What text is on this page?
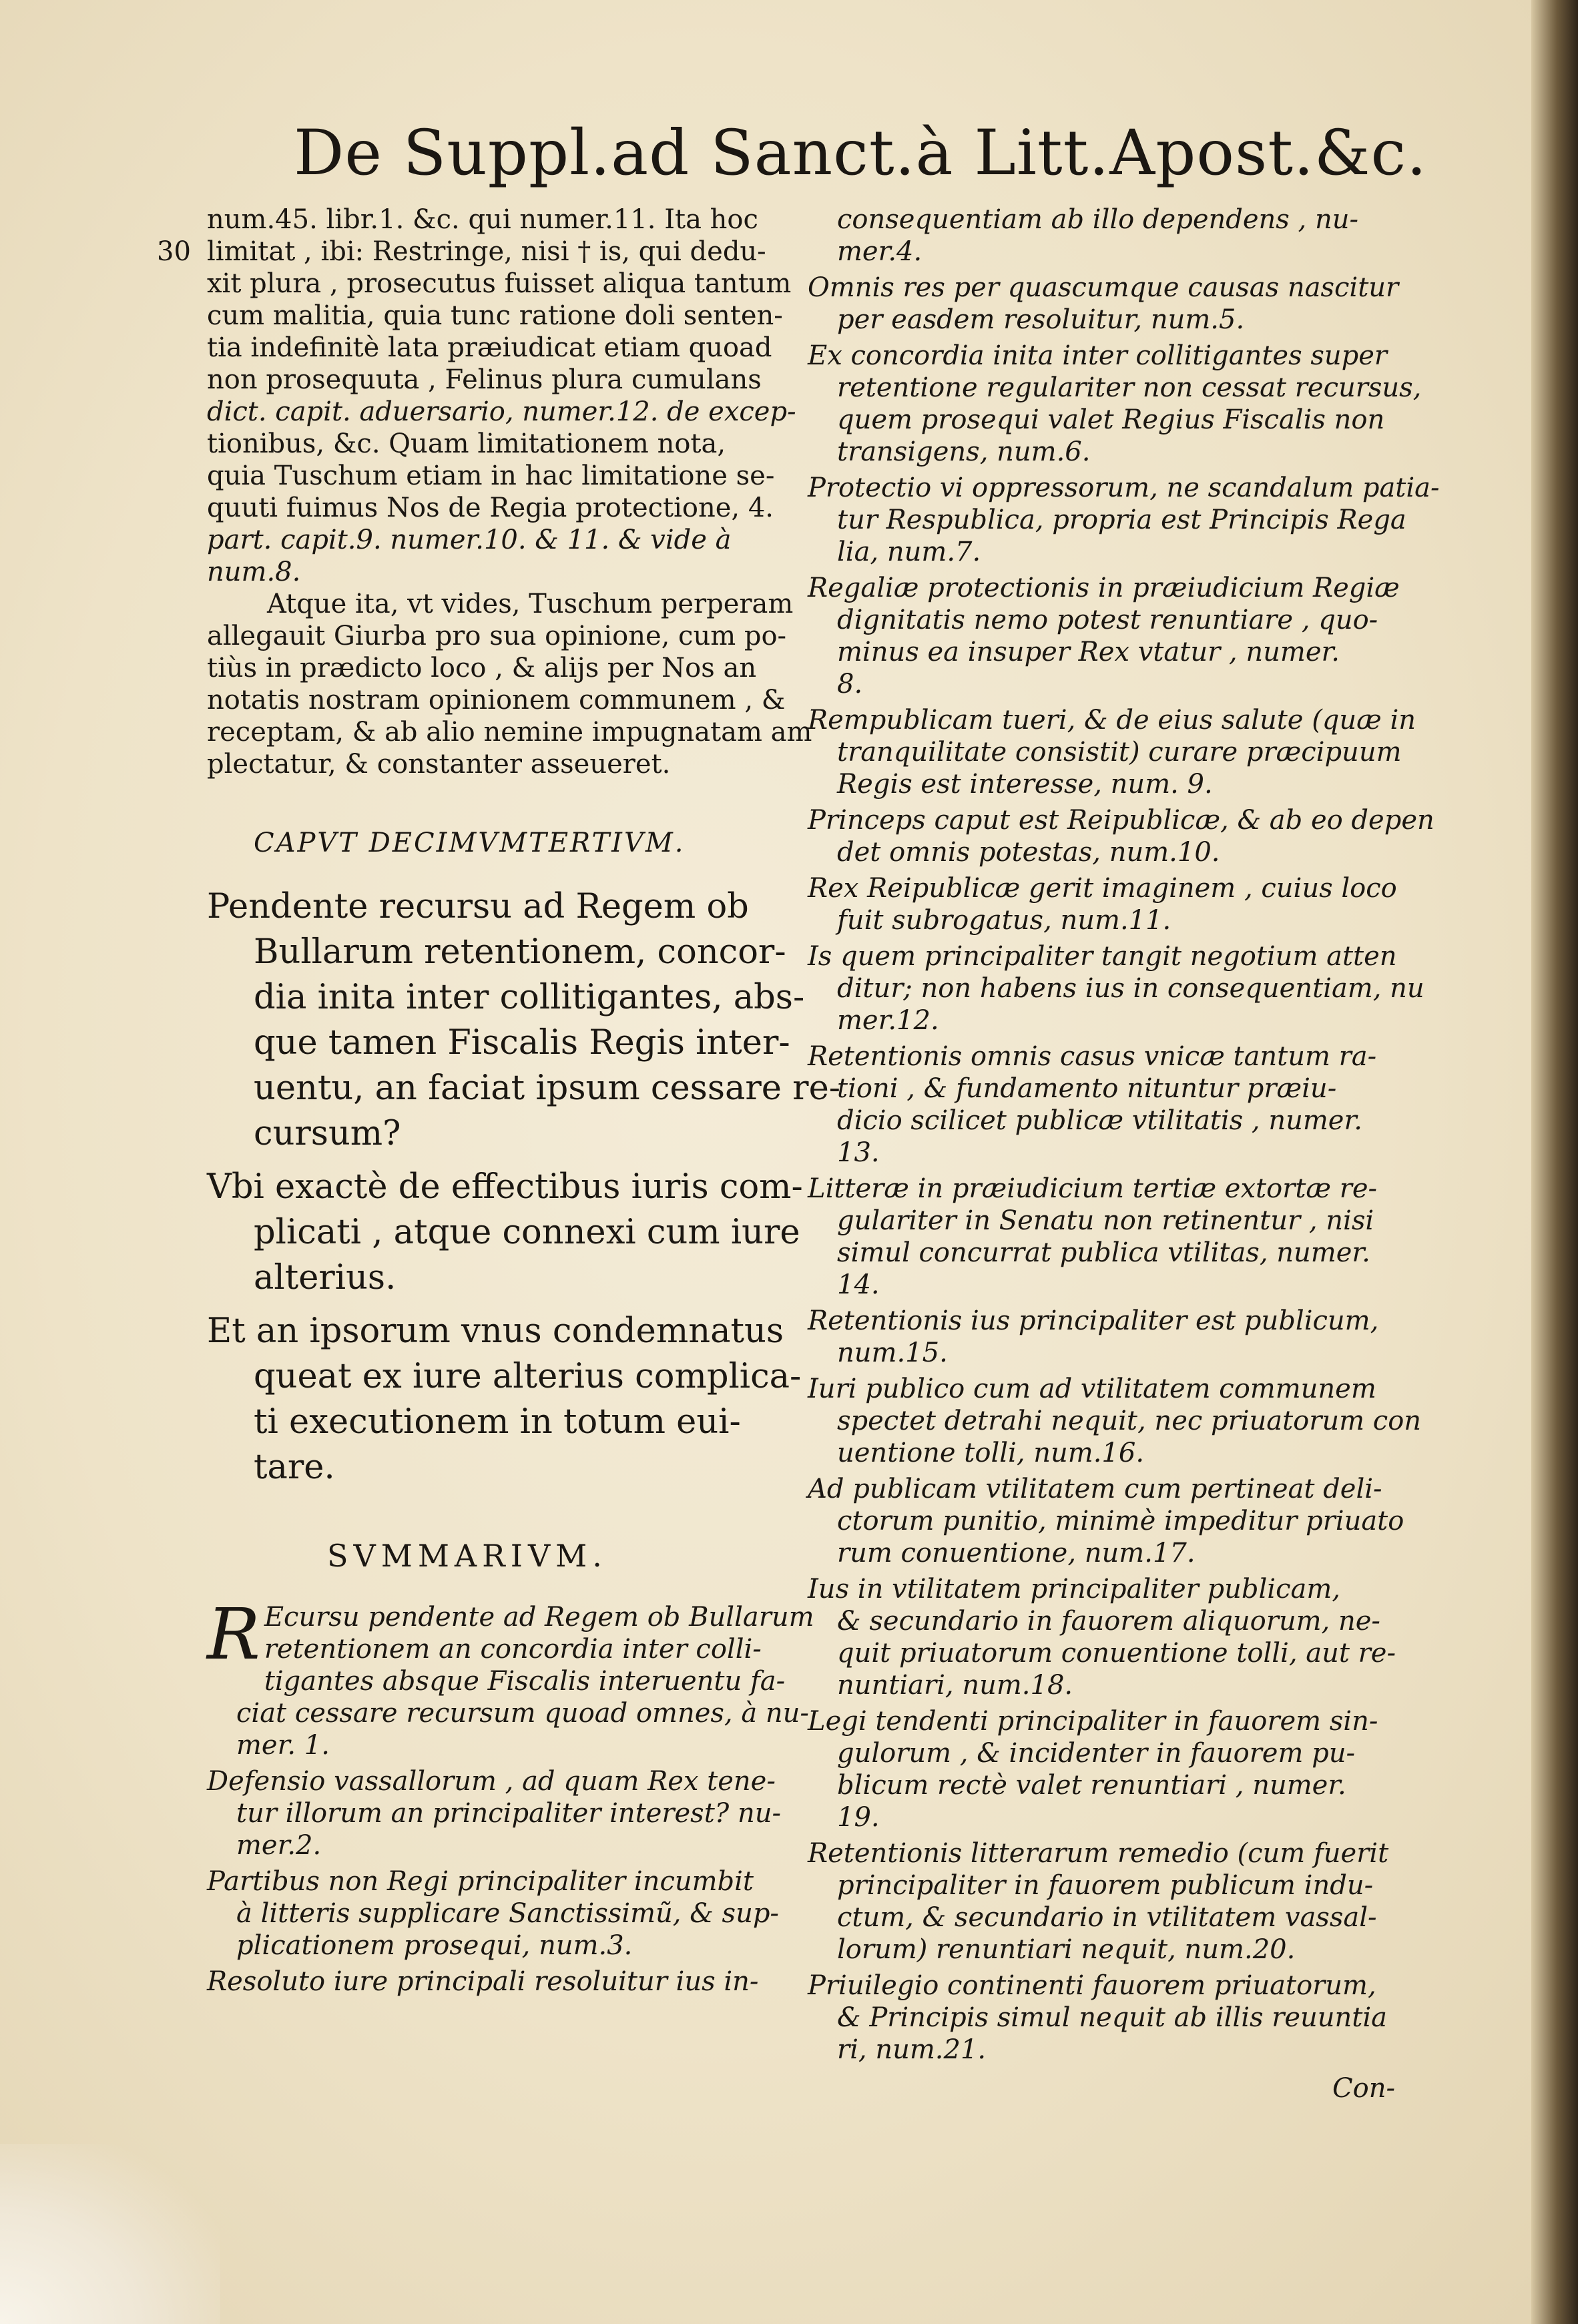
De Suppl.ad Sanct.à Litt.Apost.&c.
30
num.45. libr.1. &c. qui numer.11. Ita hoc
limitat , ibi: Restringe, nisi † is, qui dedu-
xit plura , prosecutus fuisset aliqua tantum
cum malitia, quia tunc ratione doli senten-
tia indefinitè lata præiudicat etiam quoad
non prosequuta , Felinus plura cumulans
dict. capit. aduersario, numer.12. de excep-
tionibus, &c. Quam limitationem nota,
quia Tuschum etiam in hac limitatione se-
quuti fuimus Nos de Regia protectione, 4.
part. capit.9. numer.10. & 11. & vide à
num.8.
Atque ita, vt vides, Tuschum perperam
allegauit Giurba pro sua opinione, cum po-
tiùs in prædicto loco , & alijs per Nos an
notatis nostram opinionem communem , &
receptam, & ab alio nemine impugnatam am
plectatur, & constanter asseueret.
CAPVT DECIMVMTERTIVM.
Pendente recursu ad Regem ob
Bullarum retentionem, concor-
dia inita inter collitigantes, abs-
que tamen Fiscalis Regis inter-
uentu, an faciat ipsum cessare re-
cursum?
Vbi exactè de effectibus iuris com-
plicati , atque connexi cum iure
alterius.
Et an ipsorum vnus condemnatus
queat ex iure alterius complica-
ti executionem in totum eui-
tare.
SVMMARIVM.
R Ecursu pendente ad Regem ob Bullarum
retentionem an concordia inter colli-
tigantes absque Fiscalis interuentu fa-
ciat cessare recursum quoad omnes, à nu-
mer. 1.
Defensio vassallorum , ad quam Rex tene-
tur illorum an principaliter interest? nu-
mer.2.
Partibus non Regi principaliter incumbit
à litteris supplicare Sanctissimũ, & sup-
plicationem prosequi, num.3.
Resoluto iure principali resoluitur ius in-
consequentiam ab illo dependens , nu-
mer.4.
Omnis res per quascumque causas nascitur
per easdem resoluitur, num.5.
Ex concordia inita inter collitigantes super
retentione regulariter non cessat recursus,
quem prosequi valet Regius Fiscalis non
transigens, num.6.
Protectio vi oppressorum, ne scandalum patia-
tur Respublica, propria est Principis Rega
lia, num.7.
Regaliæ protectionis in præiudicium Regiæ
dignitatis nemo potest renuntiare , quo-
minus ea insuper Rex vtatur , numer.
8.
Rempublicam tueri, & de eius salute (quæ in
tranquilitate consistit) curare præcipuum
Regis est interesse, num. 9.
Princeps caput est Reipublicæ, & ab eo depen
det omnis potestas, num.10.
Rex Reipublicæ gerit imaginem , cuius loco
fuit subrogatus, num.11.
Is quem principaliter tangit negotium atten
ditur; non habens ius in consequentiam, nu
mer.12.
Retentionis omnis casus vnicæ tantum ra-
tioni , & fundamento nituntur præiu-
dicio scilicet publicæ vtilitatis , numer.
13.
Litteræ in præiudicium tertiæ extortæ re-
gulariter in Senatu non retinentur , nisi
simul concurrat publica vtilitas, numer.
14.
Retentionis ius principaliter est publicum,
num.15.
Iuri publico cum ad vtilitatem communem
spectet detrahi nequit, nec priuatorum con
uentione tolli, num.16.
Ad publicam vtilitatem cum pertineat deli-
ctorum punitio, minimè impeditur priuato
rum conuentione, num.17.
Ius in vtilitatem principaliter publicam,
& secundario in fauorem aliquorum, ne-
quit priuatorum conuentione tolli, aut re-
nuntiari, num.18.
Legi tendenti principaliter in fauorem sin-
gulorum , & incidenter in fauorem pu-
blicum rectè valet renuntiari , numer.
19.
Retentionis litterarum remedio (cum fuerit
principaliter in fauorem publicum indu-
ctum, & secundario in vtilitatem vassal-
lorum) renuntiari nequit, num.20.
Priuilegio continenti fauorem priuatorum,
& Principis simul nequit ab illis reuuntia
ri, num.21.
Con-
